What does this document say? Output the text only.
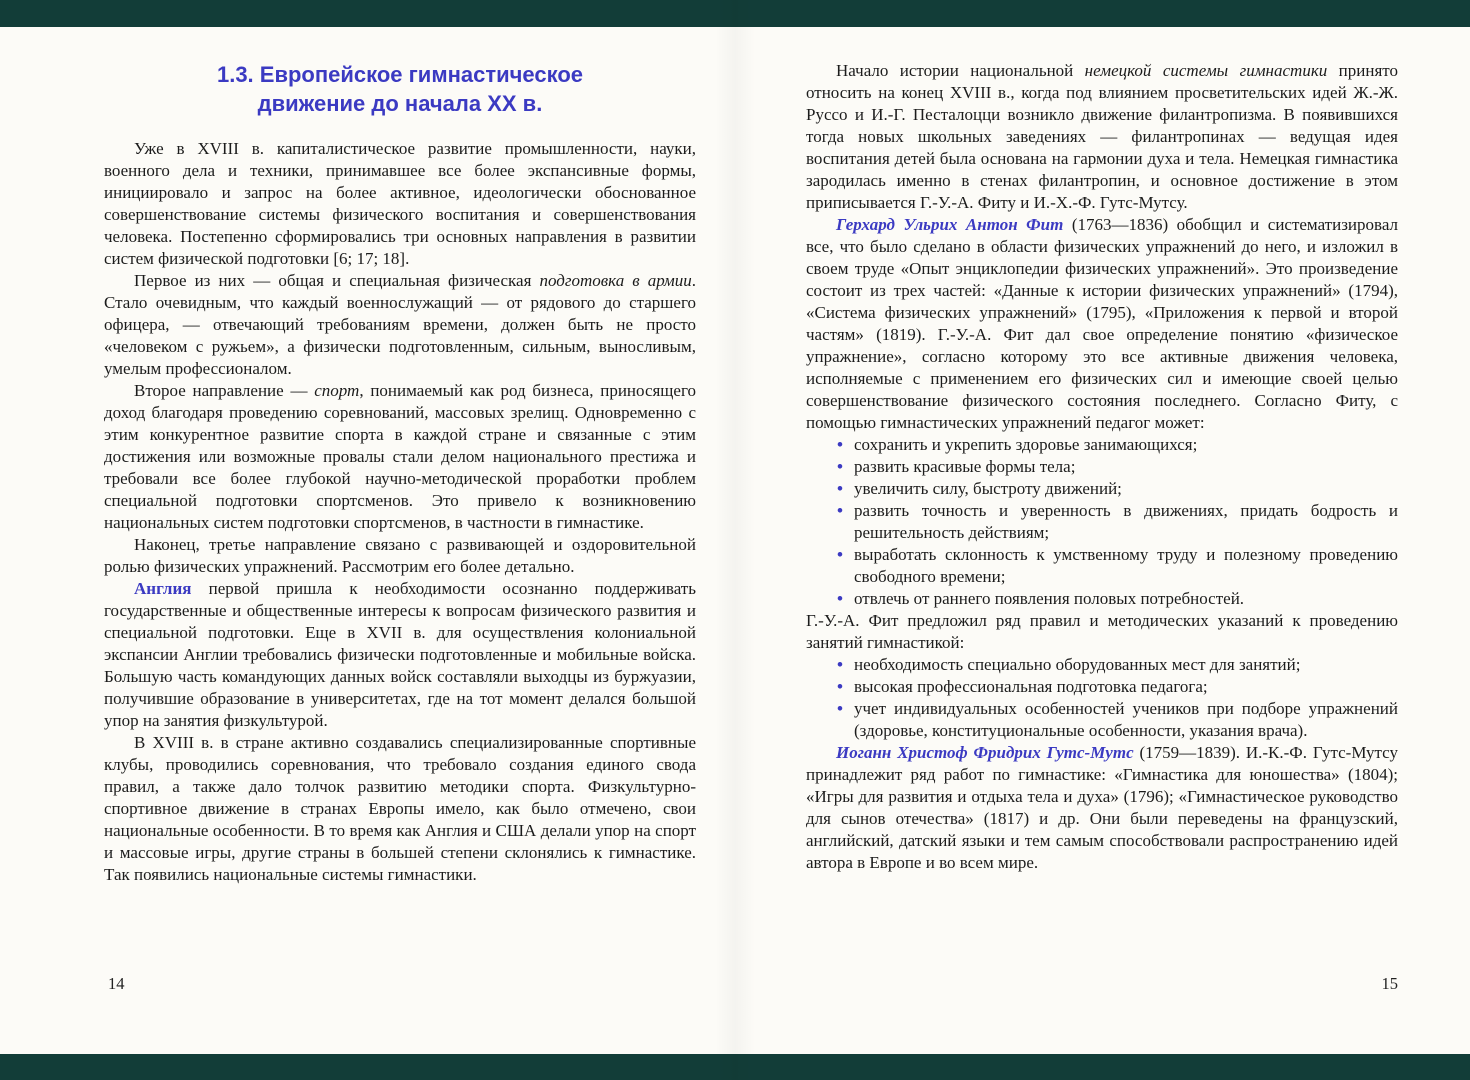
1.3. Европейское гимнастическое
движение до начала XX в.

Уже в XVIII в. капиталистическое развитие промышленности, науки, военного дела и техники, принимавшее все более экспансивные формы, инициировало и запрос на более активное, идеологически обоснованное совершенствование системы физического воспитания и совершенствования человека. Постепенно сформировались три основных направления в развитии систем физической подготовки [6; 17; 18].

Первое из них — общая и специальная физическая подготовка в армии. Стало очевидным, что каждый военнослужащий — от рядового до старшего офицера, — отвечающий требованиям времени, должен быть не просто «человеком с ружьем», а физически подготовленным, сильным, выносливым, умелым профессионалом.

Второе направление — спорт, понимаемый как род бизнеса, приносящего доход благодаря проведению соревнований, массовых зрелищ. Одновременно с этим конкурентное развитие спорта в каждой стране и связанные с этим достижения или возможные провалы стали делом национального престижа и требовали все более глубокой научно-методической проработки проблем специальной подготовки спортсменов. Это привело к возникновению национальных систем подготовки спортсменов, в частности в гимнастике.

Наконец, третье направление связано с развивающей и оздоровительной ролью физических упражнений. Рассмотрим его более детально.

Англия первой пришла к необходимости осознанно поддерживать государственные и общественные интересы к вопросам физического развития и специальной подготовки. Еще в XVII в. для осуществления колониальной экспансии Англии требовались физически подготовленные и мобильные войска. Большую часть командующих данных войск составляли выходцы из буржуазии, получившие образование в университетах, где на тот момент делался большой упор на занятия физкультурой.

В XVIII в. в стране активно создавались специализированные спортивные клубы, проводились соревнования, что требовало создания единого свода правил, а также дало толчок развитию методики спорта. Физкультурно-спортивное движение в странах Европы имело, как было отмечено, свои национальные особенности. В то время как Англия и США делали упор на спорт и массовые игры, другие страны в большей степени склонялись к гимнастике. Так появились национальные системы гимнастики.

Начало истории национальной немецкой системы гимнастики принято относить на конец XVIII в., когда под влиянием просветительских идей Ж.-Ж. Руссо и И.-Г. Песталоцци возникло движение филантропизма. В появившихся тогда новых школьных заведениях — филантропинах — ведущая идея воспитания детей была основана на гармонии духа и тела. Немецкая гимнастика зародилась именно в стенах филантропин, и основное достижение в этом приписывается Г.-У.-А. Фиту и И.-Х.-Ф. Гутс-Мутсу.

Герхард Ульрих Антон Фит (1763—1836) обобщил и систематизировал все, что было сделано в области физических упражнений до него, и изложил в своем труде «Опыт энциклопедии физических упражнений». Это произведение состоит из трех частей: «Данные к истории физических упражнений» (1794), «Система физических упражнений» (1795), «Приложения к первой и второй частям» (1819). Г.-У.-А. Фит дал свое определение понятию «физическое упражнение», согласно которому это все активные движения человека, исполняемые с применением его физических сил и имеющие своей целью совершенствование физического состояния последнего. Согласно Фиту, с помощью гимнастических упражнений педагог может:

• сохранить и укрепить здоровье занимающихся;
• развить красивые формы тела;
• увеличить силу, быстроту движений;
• развить точность и уверенность в движениях, придать бодрость и решительность действиям;
• выработать склонность к умственному труду и полезному проведению свободного времени;
• отвлечь от раннего появления половых потребностей.

Г.-У.-А. Фит предложил ряд правил и методических указаний к проведению занятий гимнастикой:

• необходимость специально оборудованных мест для занятий;
• высокая профессиональная подготовка педагога;
• учет индивидуальных особенностей учеников при подборе упражнений (здоровье, конституциональные особенности, указания врача).

Иоганн Христоф Фридрих Гутс-Мутс (1759—1839). И.-К.-Ф. Гутс-Мутсу принадлежит ряд работ по гимнастике: «Гимнастика для юношества» (1804); «Игры для развития и отдыха тела и духа» (1796); «Гимнастическое руководство для сынов отечества» (1817) и др. Они были переведены на французский, английский, датский языки и тем самым способствовали распространению идей автора в Европе и во всем мире.

14	15
